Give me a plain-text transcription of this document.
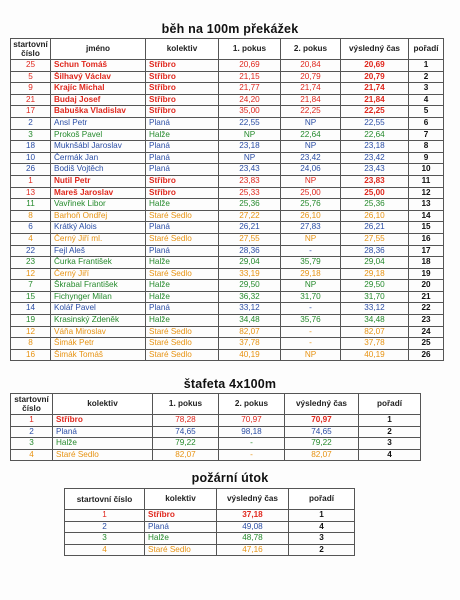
běh na 100m překážek
startovní číslo	jméno	kolektiv	1. pokus	2. pokus	výsledný čas	pořadí
25	Schun Tomáš	Stříbro	20,69	20,84	20,69	1
5	Šilhavý Václav	Stříbro	21,15	20,79	20,79	2
9	Krajíc Michal	Stříbro	21,77	21,74	21,74	3
21	Budaj Josef	Stříbro	24,20	21,84	21,84	4
17	Babuška Vladislav	Stříbro	35,00	22,25	22,25	5
2	Ansl Petr	Planá	22,55	NP	22,55	6
3	Prokoš Pavel	Halže	NP	22,64	22,64	7
18	Muknšábl Jaroslav	Planá	23,18	NP	23,18	8
10	Čermák Jan	Planá	NP	23,42	23,42	9
26	Bodiš Vojtěch	Planá	23,43	24,06	23,43	10
1	Nutil Petr	Stříbro	23,83	NP	23,83	11
13	Mareš Jaroslav	Stříbro	25,33	25,00	25,00	12
11	Vavřinek Libor	Halže	25,36	25,76	25,36	13
8	Barhoň Ondřej	Staré Sedlo	27,22	26,10	26,10	14
6	Krátký Alois	Planá	26,21	27,83	26,21	15
4	Černý Jiří ml.	Staré Sedlo	27,55	NP	27,55	16
22	Fejl Aleš	Planá	28,36	-	28,36	17
23	Čurka František	Halže	29,04	35,79	29,04	18
12	Černý Jiří	Staré Sedlo	33,19	29,18	29,18	19
7	Škrabal František	Halže	29,50	NP	29,50	20
15	Fichynger Milan	Halže	36,32	31,70	31,70	21
14	Kolář Pavel	Planá	33,12	-	33,12	22
19	Krasinský Zdeněk	Halže	34,48	35,76	34,48	23
12	Váňa Miroslav	Staré Sedlo	82,07	-	82,07	24
8	Šimák Petr	Staré Sedlo	37,78	-	37,78	25
16	Šimák Tomáš	Staré Sedlo	40,19	NP	40,19	26
štafeta 4x100m
startovní číslo	kolektiv	1. pokus	2. pokus	výsledný čas	pořadí
1	Stříbro	78,28	70,97	70,97	1
2	Planá	74,65	98,18	74,65	2
3	Halže	79,22	-	79,22	3
4	Staré Sedlo	82,07	-	82,07	4
požární útok
startovní číslo	kolektiv	výsledný čas	pořadí
1	Stříbro	37,18	1
2	Planá	49,08	4
3	Halže	48,78	3
4	Staré Sedlo	47,16	2
